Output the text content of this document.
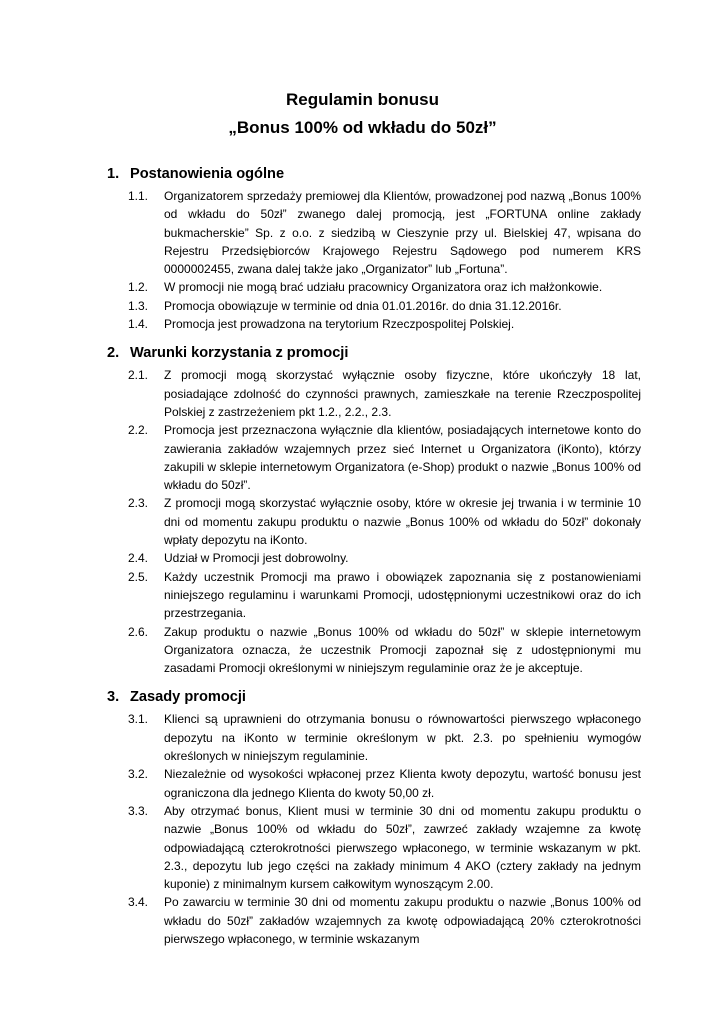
Regulamin bonusu

„Bonus 100% od wkładu do 50zł”

1. Postanowienia ogólne
1.1. Organizatorem sprzedaży premiowej dla Klientów, prowadzonej pod nazwą „Bonus 100% od wkładu do 50zł” zwanego dalej promocją, jest „FORTUNA online zakłady bukmacherskie” Sp. z o.o. z siedzibą w Cieszynie przy ul. Bielskiej 47, wpisana do Rejestru Przedsiębiorców Krajowego Rejestru Sądowego pod numerem KRS 0000002455, zwana dalej także jako „Organizator” lub „Fortuna”.
1.2. W promocji nie mogą brać udziału pracownicy Organizatora oraz ich małżonkowie.
1.3. Promocja obowiązuje w terminie od dnia 01.01.2016r. do dnia 31.12.2016r.
1.4. Promocja jest prowadzona na terytorium Rzeczpospolitej Polskiej.
2. Warunki korzystania z promocji
2.1. Z promocji mogą skorzystać wyłącznie osoby fizyczne, które ukończyły 18 lat, posiadające zdolność do czynności prawnych, zamieszkałe na terenie Rzeczpospolitej Polskiej z zastrzeżeniem pkt 1.2., 2.2., 2.3.
2.2. Promocja jest przeznaczona wyłącznie dla klientów, posiadających internetowe konto do zawierania zakładów wzajemnych przez sieć Internet u Organizatora (iKonto), którzy zakupili w sklepie internetowym Organizatora (e-Shop) produkt o nazwie „Bonus 100% od wkładu do 50zł”.
2.3. Z promocji mogą skorzystać wyłącznie osoby, które w okresie jej trwania i w terminie 10 dni od momentu zakupu produktu o nazwie „Bonus 100% od wkładu do 50zł” dokonały wpłaty depozytu na iKonto.
2.4. Udział w Promocji jest dobrowolny.
2.5. Każdy uczestnik Promocji ma prawo i obowiązek zapoznania się z postanowieniami niniejszego regulaminu i warunkami Promocji, udostępnionymi uczestnikowi oraz do ich przestrzegania.
2.6. Zakup produktu o nazwie „Bonus 100% od wkładu do 50zł” w sklepie internetowym Organizatora oznacza, że uczestnik Promocji zapoznał się z udostępnionymi mu zasadami Promocji określonymi w niniejszym regulaminie oraz że je akceptuje.
3. Zasady promocji
3.1. Klienci są uprawnieni do otrzymania bonusu o równowartości pierwszego wpłaconego depozytu na iKonto w terminie określonym w pkt. 2.3. po spełnieniu wymogów określonych w niniejszym regulaminie.
3.2. Niezależnie od wysokości wpłaconej przez Klienta kwoty depozytu, wartość bonusu jest ograniczona dla jednego Klienta do kwoty 50,00 zł.
3.3. Aby otrzymać bonus, Klient musi w terminie 30 dni od momentu zakupu produktu o nazwie „Bonus 100% od wkładu do 50zł”, zawrzeć zakłady wzajemne za kwotę odpowiadającą czterokrotności pierwszego wpłaconego, w terminie wskazanym w pkt. 2.3., depozytu lub jego części na zakłady minimum 4 AKO (cztery zakłady na jednym kuponie) z minimalnym kursem całkowitym wynoszącym 2.00.
3.4. Po zawarciu w terminie 30 dni od momentu zakupu produktu o nazwie „Bonus 100% od wkładu do 50zł” zakładów wzajemnych za kwotę odpowiadającą 20% czterokrotności pierwszego wpłaconego, w terminie wskazanym
